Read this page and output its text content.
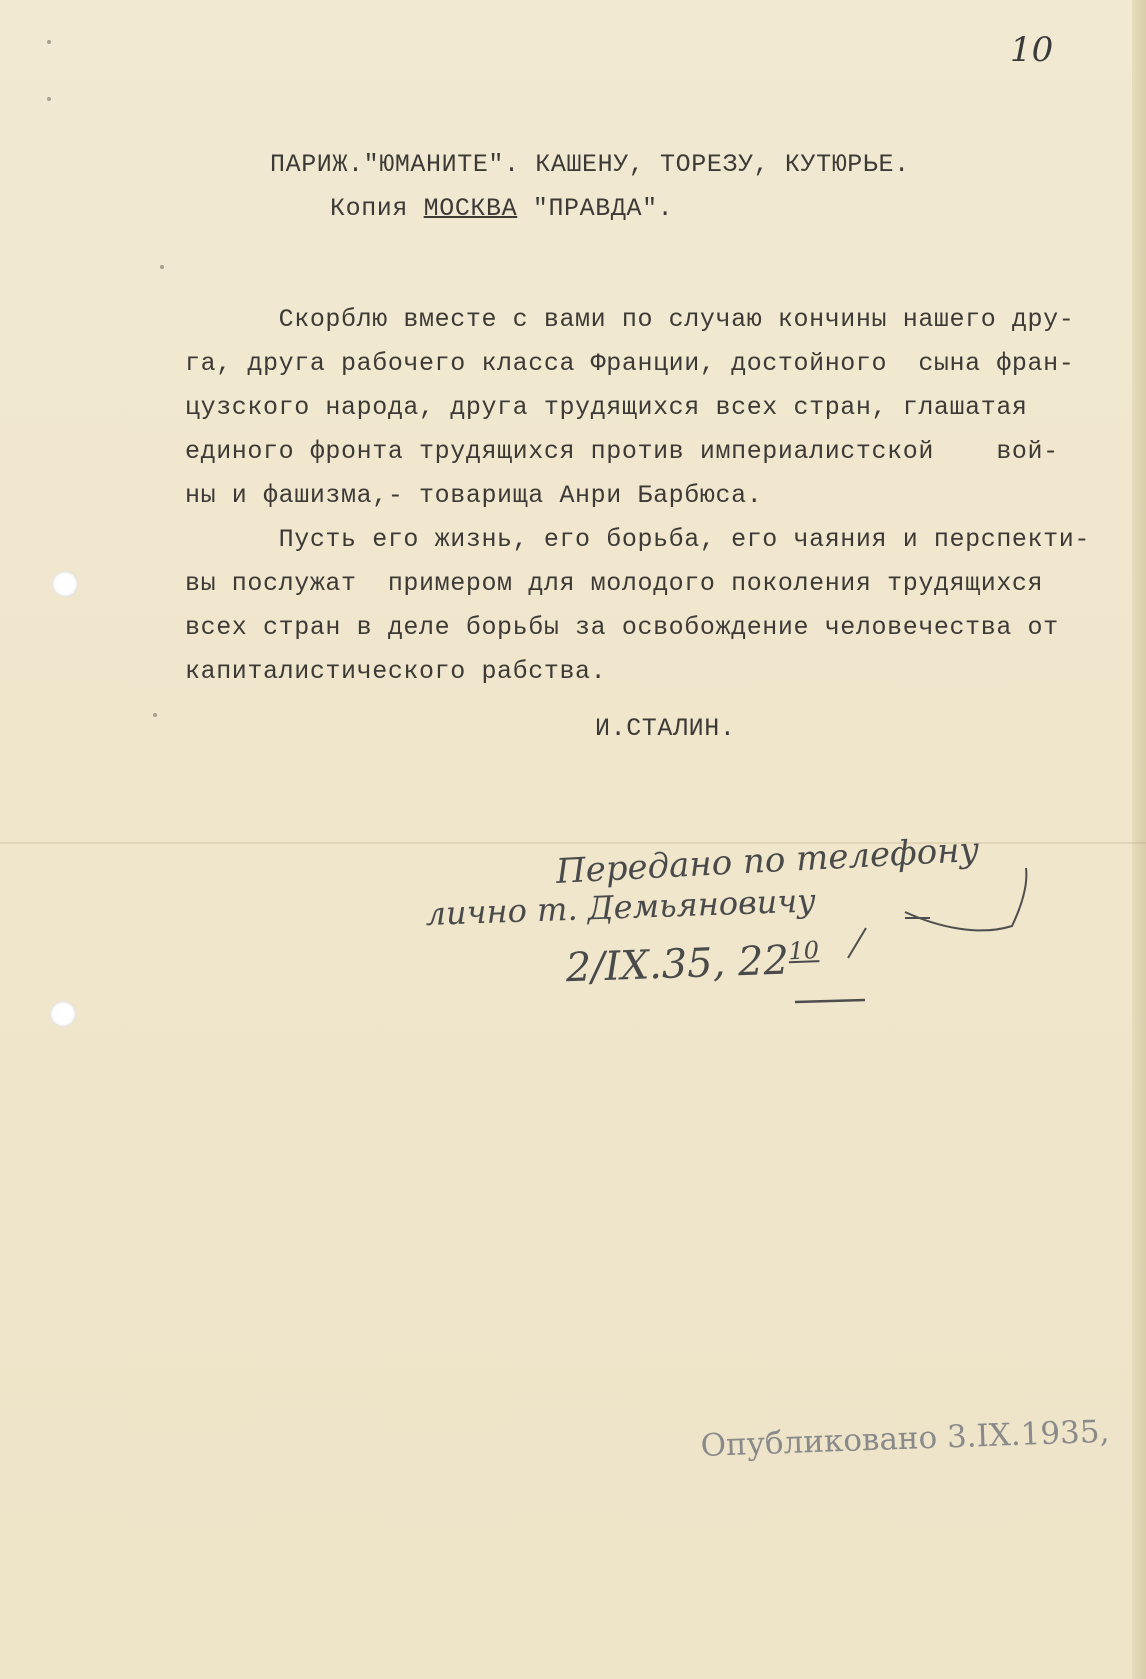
10
ПАРИЖ."ЮМАНИТЕ". КАШЕНУ, ТОРЕЗУ, КУТЮРЬЕ.
Копия МОСКВА "ПРАВДА".
Скорблю вместе с вами по случаю кончины нашего дру-
га, друга рабочего класса Франции, достойного  сына фран-
цузского народа, друга трудящихся всех стран, глашатая
единого фронта трудящихся против империалистской    вой-
ны и фашизма,- товарища Анри Барбюса.
Пусть его жизнь, его борьба, его чаяния и перспекти-
вы послужат  примером для молодого поколения трудящихся
всех стран в деле борьбы за освобождение человечества от
капиталистического рабства.
И.СТАЛИН.
Передано по телефону
лично т. Демьяновичу
2/IX.35, $22^{10}$
Опубликовано 3.IX.1935,
